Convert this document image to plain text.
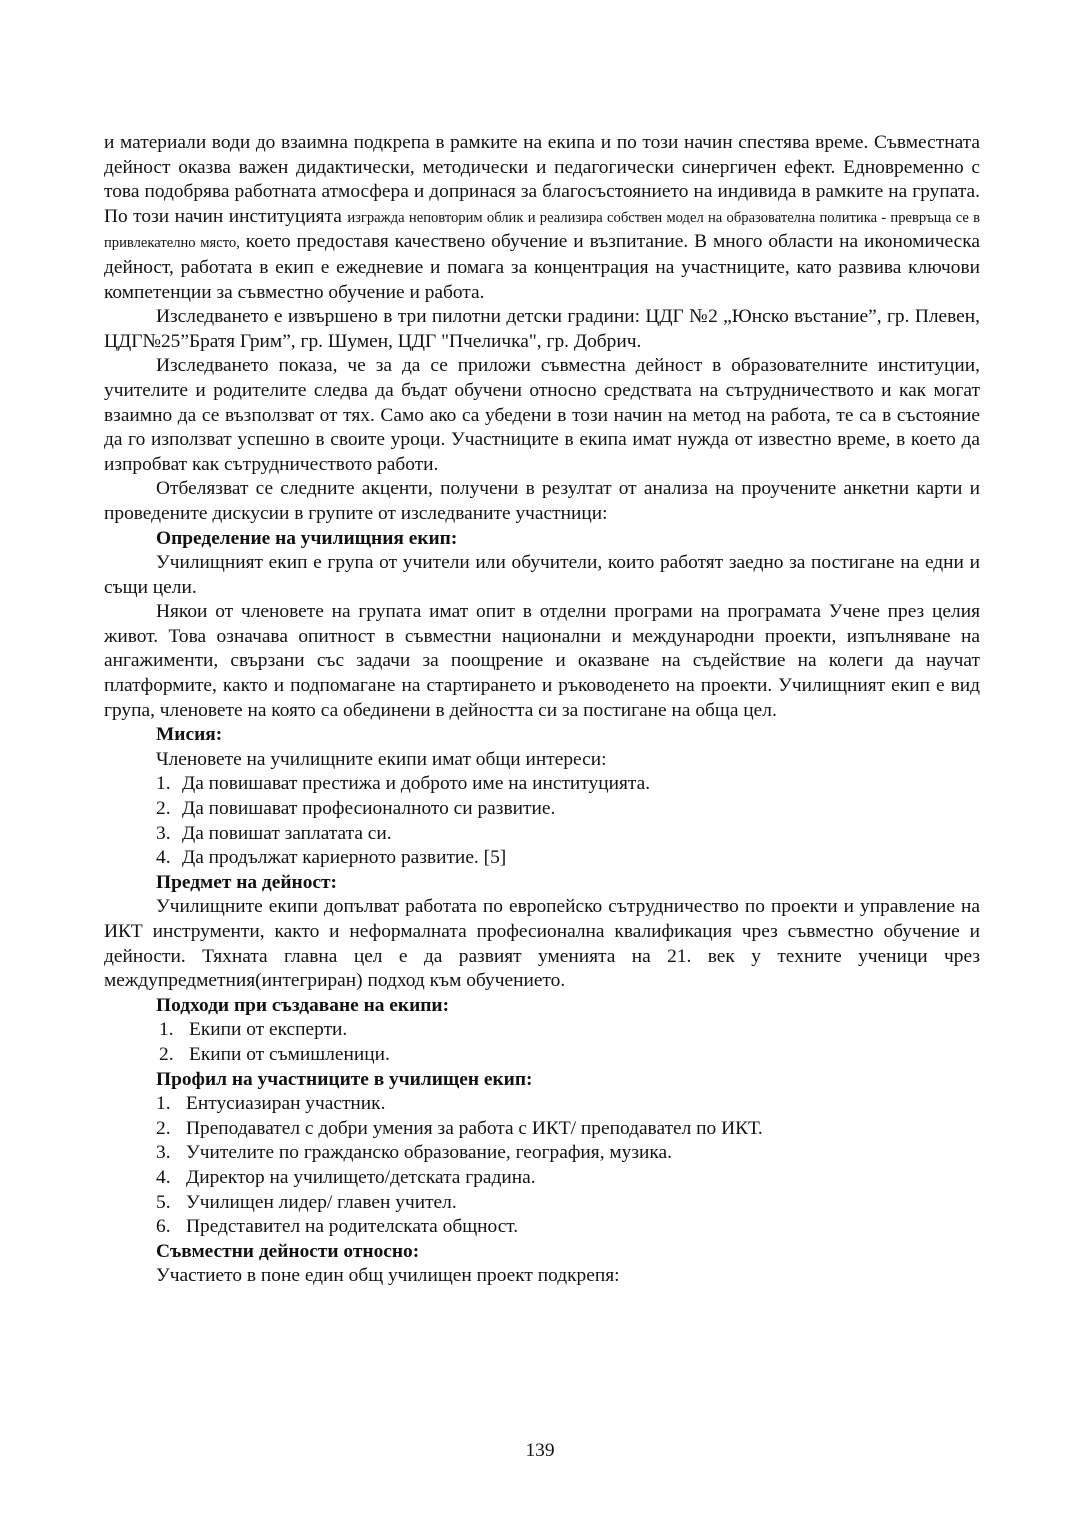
и материали води до взаимна подкрепа в рамките на екипа и по този начин спестява време. Съвместната дейност оказва важен дидактически, методически и педагогически синергичен ефект. Едновременно с това подобрява работната атмосфера и допринася за благосъстоянието на индивида в рамките на групата. По този начин институцията изгражда неповторим облик и реализира собствен модел на образователна политика - превръща се в привлекателно място, което предоставя качествено обучение и възпитание. В много области на икономическа дейност, работата в екип е ежедневие и помага за концентрация на участниците, като развива ключови компетенции за съвместно обучение и работа.

Изследването е извършено в три пилотни детски градини: ЦДГ №2 „Юнско въстание”, гр. Плевен, ЦДГ№25”Братя Грим”, гр. Шумен, ЦДГ "Пчеличка", гр. Добрич.

Изследването показа, че за да се приложи съвместна дейност в образователните институции, учителите и родителите следва да бъдат обучени относно средствата на сътрудничеството и как могат взаимно да се възползват от тях. Само ако са убедени в този начин на метод на работа, те са в състояние да го използват успешно в своите уроци. Участниците в екипа имат нужда от известно време, в което да изпробват как сътрудничеството работи.

Отбелязват се следните акценти, получени в резултат от анализа на проучените анкетни карти и проведените дискусии в групите от изследваните участници:

Определение на училищния екип:

Училищният екип е група от учители или обучители, които работят заедно за постигане на едни и същи цели.

Някои от членовете на групата имат опит в отделни програми на програмата Учене през целия живот. Това означава опитност в съвместни национални и международни проекти, изпълняване на ангажименти, свързани със задачи за поощрение и оказване на съдействие на колеги да научат платформите, както и подпомагане на стартирането и ръководенето на проекти. Училищният екип е вид група, членовете на която са обединени в дейността си за постигане на обща цел.

Мисия:

Членовете на училищните екипи имат общи интереси:

1. Да повишават престижа и доброто име на институцията.
2. Да повишават професионалното си развитие.
3. Да повишат заплатата си.
4. Да продължат кариерното развитие. [5]

Предмет на дейност:

Училищните екипи допълват работата по европейско сътрудничество по проекти и управление на ИКТ инструменти, както и неформалната професионална квалификация чрез съвместно обучение и дейности. Тяхната главна цел е да развият уменията на 21. век у техните ученици чрез междупредметния(интегриран) подход към обучението.

Подходи при създаване на екипи:

1. Екипи от експерти.
2. Екипи от съмишленици.

Профил на участниците в училищен екип:

1. Ентусиазиран участник.
2. Преподавател с добри умения за работа с ИКТ/ преподавател по ИКТ.
3. Учителите по гражданско образование, география, музика.
4. Директор на училището/детската градина.
5. Училищен лидер/ главен учител.
6. Представител на родителската общност.

Съвместни дейности относно:

Участието в поне един общ училищен проект подкрепя:

139
